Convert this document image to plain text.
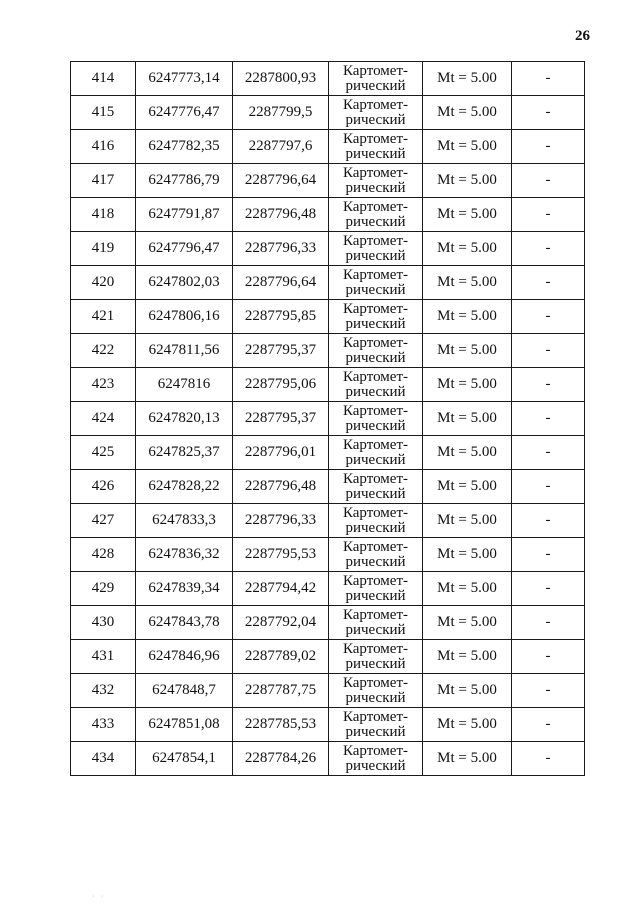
26
414	6247773,14	2287800,93	Картомет-
рический	Mt = 5.00	-
415	6247776,47	2287799,5	Картомет-
рический	Mt = 5.00	-
416	6247782,35	2287797,6	Картомет-
рический	Mt = 5.00	-
417	6247786,79	2287796,64	Картомет-
рический	Mt = 5.00	-
418	6247791,87	2287796,48	Картомет-
рический	Mt = 5.00	-
419	6247796,47	2287796,33	Картомет-
рический	Mt = 5.00	-
420	6247802,03	2287796,64	Картомет-
рический	Mt = 5.00	-
421	6247806,16	2287795,85	Картомет-
рический	Mt = 5.00	-
422	6247811,56	2287795,37	Картомет-
рический	Mt = 5.00	-
423	6247816	2287795,06	Картомет-
рический	Mt = 5.00	-
424	6247820,13	2287795,37	Картомет-
рический	Mt = 5.00	-
425	6247825,37	2287796,01	Картомет-
рический	Mt = 5.00	-
426	6247828,22	2287796,48	Картомет-
рический	Mt = 5.00	-
427	6247833,3	2287796,33	Картомет-
рический	Mt = 5.00	-
428	6247836,32	2287795,53	Картомет-
рический	Mt = 5.00	-
429	6247839,34	2287794,42	Картомет-
рический	Mt = 5.00	-
430	6247843,78	2287792,04	Картомет-
рический	Mt = 5.00	-
431	6247846,96	2287789,02	Картомет-
рический	Mt = 5.00	-
432	6247848,7	2287787,75	Картомет-
рический	Mt = 5.00	-
433	6247851,08	2287785,53	Картомет-
рический	Mt = 5.00	-
434	6247854,1	2287784,26	Картомет-
рический	Mt = 5.00	-
· ·
